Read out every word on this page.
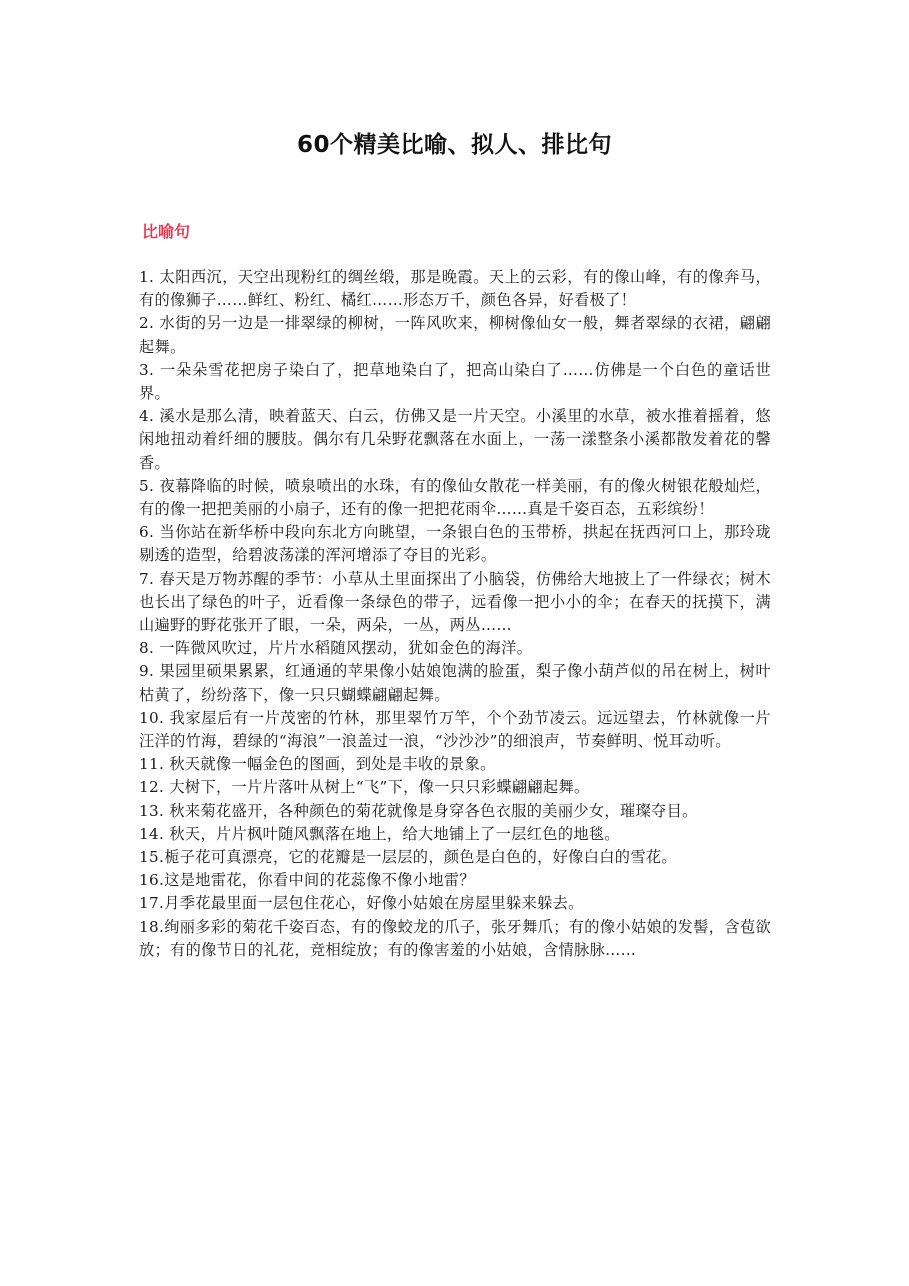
60个精美比喻、拟人、排比句
比喻句

1. 太阳西沉，天空出现粉红的绸丝缎，那是晚霞。天上的云彩，有的像山峰，有的像奔马，有的像狮子……鲜红、粉红、橘红……形态万千，颜色各异，好看极了！

2. 水街的另一边是一排翠绿的柳树，一阵风吹来，柳树像仙女一般，舞者翠绿的衣裙，翩翩起舞。

3. 一朵朵雪花把房子染白了，把草地染白了，把高山染白了……仿佛是一个白色的童话世界。

4. 溪水是那么清，映着蓝天、白云，仿佛又是一片天空。小溪里的水草，被水推着摇着，悠闲地扭动着纤细的腰肢。偶尔有几朵野花飘落在水面上，一荡一漾整条小溪都散发着花的馨香。

5. 夜幕降临的时候，喷泉喷出的水珠，有的像仙女散花一样美丽，有的像火树银花般灿烂，有的像一把把美丽的小扇子，还有的像一把把花雨伞……真是千姿百态，五彩缤纷！

6. 当你站在新华桥中段向东北方向眺望，一条银白色的玉带桥，拱起在抚西河口上，那玲珑剔透的造型，给碧波荡漾的浑河增添了夺目的光彩。

7. 春天是万物苏醒的季节：小草从土里面探出了小脑袋，仿佛给大地披上了一件绿衣；树木也长出了绿色的叶子，近看像一条绿色的带子，远看像一把小小的伞；在春天的抚摸下，满山遍野的野花张开了眼，一朵，两朵，一丛，两丛……

8. 一阵微风吹过，片片水稻随风摆动，犹如金色的海洋。

9. 果园里硕果累累，红通通的苹果像小姑娘饱满的脸蛋，梨子像小葫芦似的吊在树上，树叶枯黄了，纷纷落下，像一只只蝴蝶翩翩起舞。

10. 我家屋后有一片茂密的竹林，那里翠竹万竿，个个劲节凌云。远远望去，竹林就像一片汪洋的竹海，碧绿的“海浪”一浪盖过一浪，“沙沙沙”的细浪声，节奏鲜明、悦耳动听。

11. 秋天就像一幅金色的图画，到处是丰收的景象。

12. 大树下，一片片落叶从树上“飞”下，像一只只彩蝶翩翩起舞。

13. 秋来菊花盛开，各种颜色的菊花就像是身穿各色衣服的美丽少女，璀璨夺目。

14. 秋天，片片枫叶随风飘落在地上，给大地铺上了一层红色的地毯。

15.栀子花可真漂亮，它的花瓣是一层层的，颜色是白色的，好像白白的雪花。

16.这是地雷花，你看中间的花蕊像不像小地雷？

17.月季花最里面一层包住花心，好像小姑娘在房屋里躲来躲去。

18.绚丽多彩的菊花千姿百态，有的像蛟龙的爪子，张牙舞爪；有的像小姑娘的发髻，含苞欲放；有的像节日的礼花，竞相绽放；有的像害羞的小姑娘，含情脉脉……
